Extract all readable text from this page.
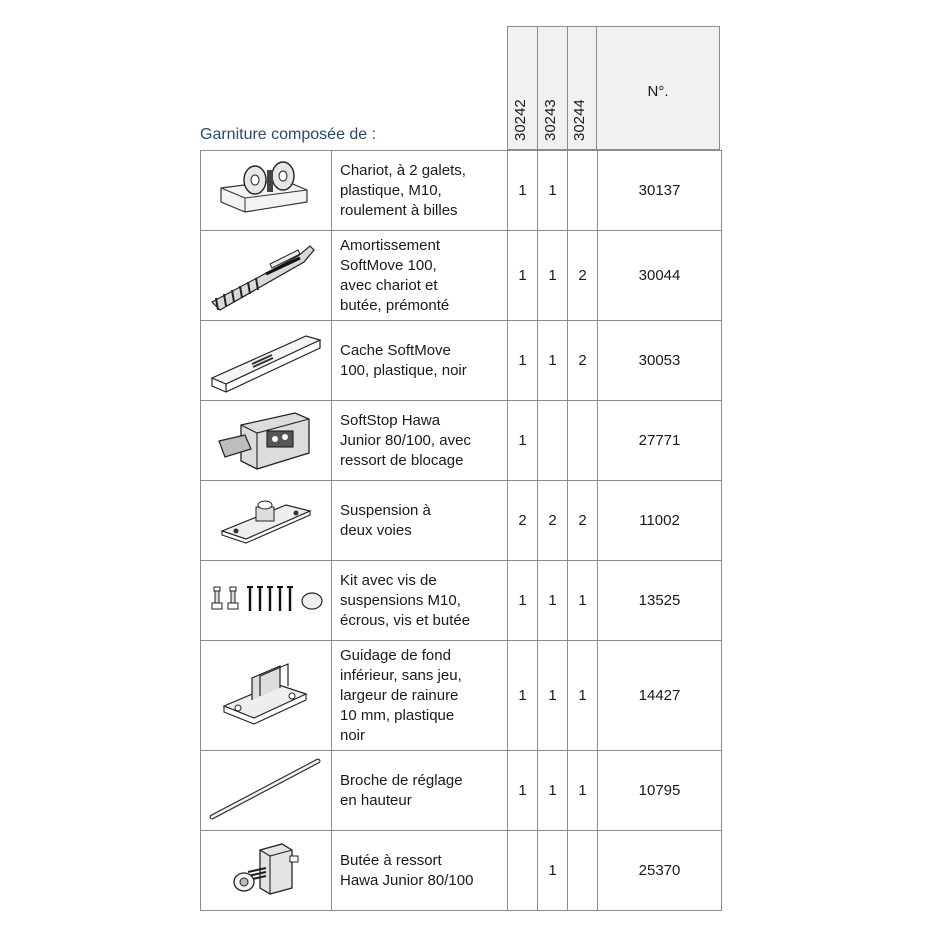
Garniture composée de :	30242 30243 30244
N°.

Chariot, à 2 galets,
plastique, M10,
roulement à billes	1	1		30137

Amortissement
SoftMove 100,
avec chariot et
butée, prémonté	1	1	2	30044

Cache SoftMove
100, plastique, noir	1	1	2	30053

SoftStop Hawa
Junior 80/100, avec
ressort de blocage	1			27771

Suspension à
deux voies	2	2	2	11002

Kit avec vis de
suspensions M10,
écrous, vis et butée	1	1	1	13525

Guidage de fond
inférieur, sans jeu,
largeur de rainure
10 mm, plastique
noir	1	1	1	14427

Broche de réglage
en hauteur	1	1	1	10795

Butée à ressort
Hawa Junior 80/100		1		25370
